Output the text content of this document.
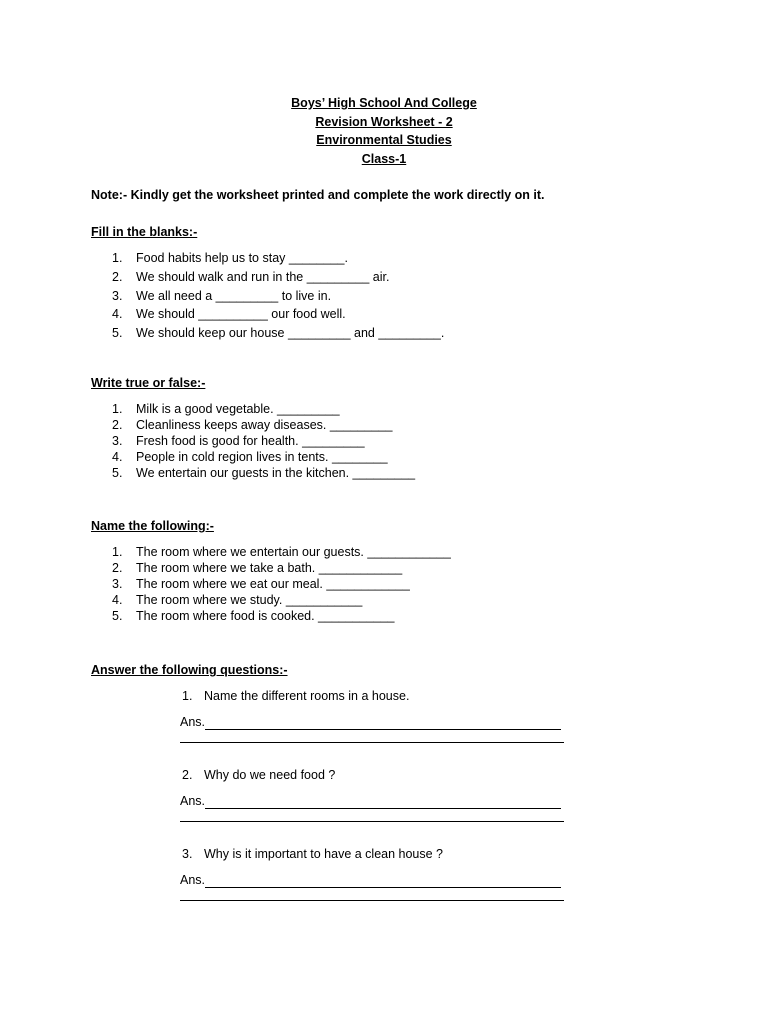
Boys’ High School And College
Revision Worksheet - 2
Environmental Studies
Class-1
Note:- Kindly get the worksheet printed and complete the work directly on it.
Fill in the blanks:-
1. Food habits help us to stay ________.
2. We should walk and run in the _________ air.
3. We all need a _________ to live in.
4. We should __________ our food well.
5. We should keep our house _________ and _________.
Write true or false:-
1. Milk is a good vegetable. _________
2. Cleanliness keeps away diseases. _________
3. Fresh food is good for health. _________
4. People in cold region lives in tents. ________
5. We entertain our guests in the kitchen. _________
Name the following:-
1. The room where we entertain our guests. ____________
2. The room where we take a bath. ____________
3. The room where we eat our meal. ____________
4. The room where we study. ___________
5. The room where food is cooked. ___________
Answer the following questions:-
1. Name the different rooms in a house.
Ans.
2. Why do we need food ?
Ans.
3. Why is it important to have a clean house ?
Ans.
